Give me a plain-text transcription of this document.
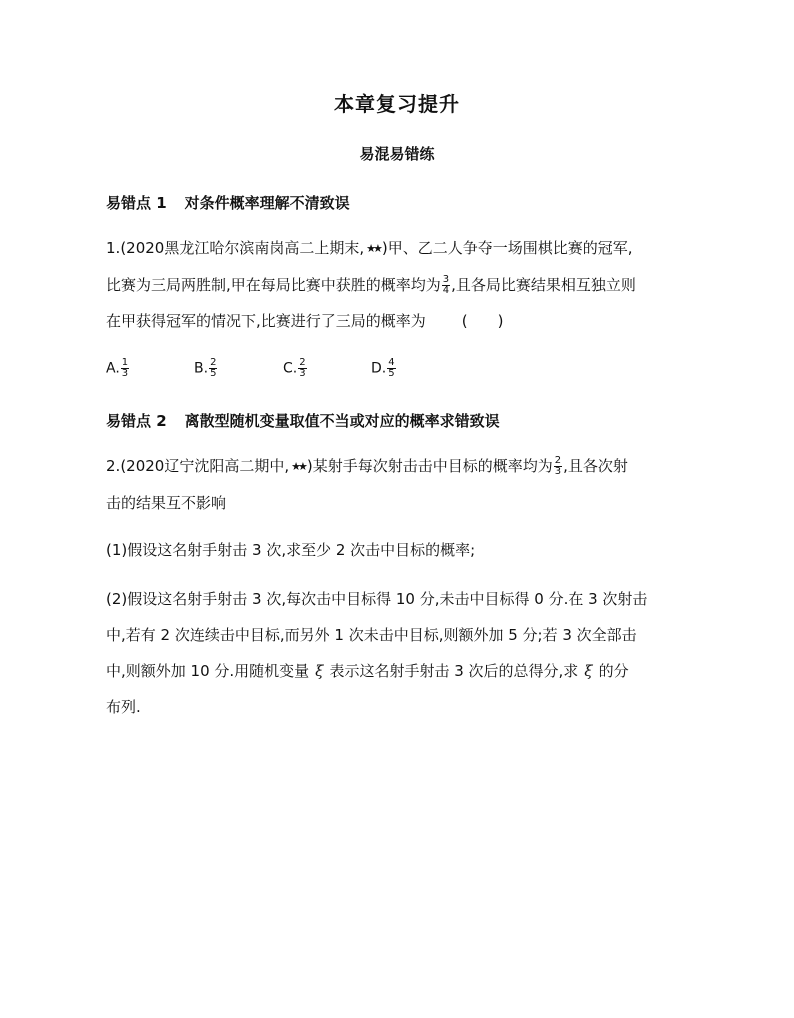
本章复习提升
易混易错练
易错点 1 对条件概率理解不清致误
1.(2020黑龙江哈尔滨南岗高二上期末, ★★ )甲、乙二人争夺一场围棋比赛的冠军,
比赛为三局两胜制,甲在每局比赛中获胜的概率均为 $\frac{3}{4}$ ,且各局比赛结果相互独立则
在甲获得冠军的情况下,比赛进行了三局的概率为 ( )
A. $\frac{1}{3}$	B. $\frac{2}{5}$	C. $\frac{2}{3}$	D. $\frac{4}{5}$
易错点 2 离散型随机变量取值不当或对应的概率求错致误
2.(2020辽宁沈阳高二期中, ★★ )某射手每次射击击中目标的概率均为 $\frac{2}{3}$ ,且各次射
击的结果互不影响
(1)假设这名射手射击 3 次,求至少 2 次击中目标的概率;
(2)假设这名射手射击 3 次,每次击中目标得 10 分,未击中目标得 0 分.在 3 次射击
中,若有 2 次连续击中目标,而另外 1 次未击中目标,则额外加 5 分;若 3 次全部击
中,则额外加 10 分.用随机变量 ξ 表示这名射手射击 3 次后的总得分,求 ξ 的分
布列.
